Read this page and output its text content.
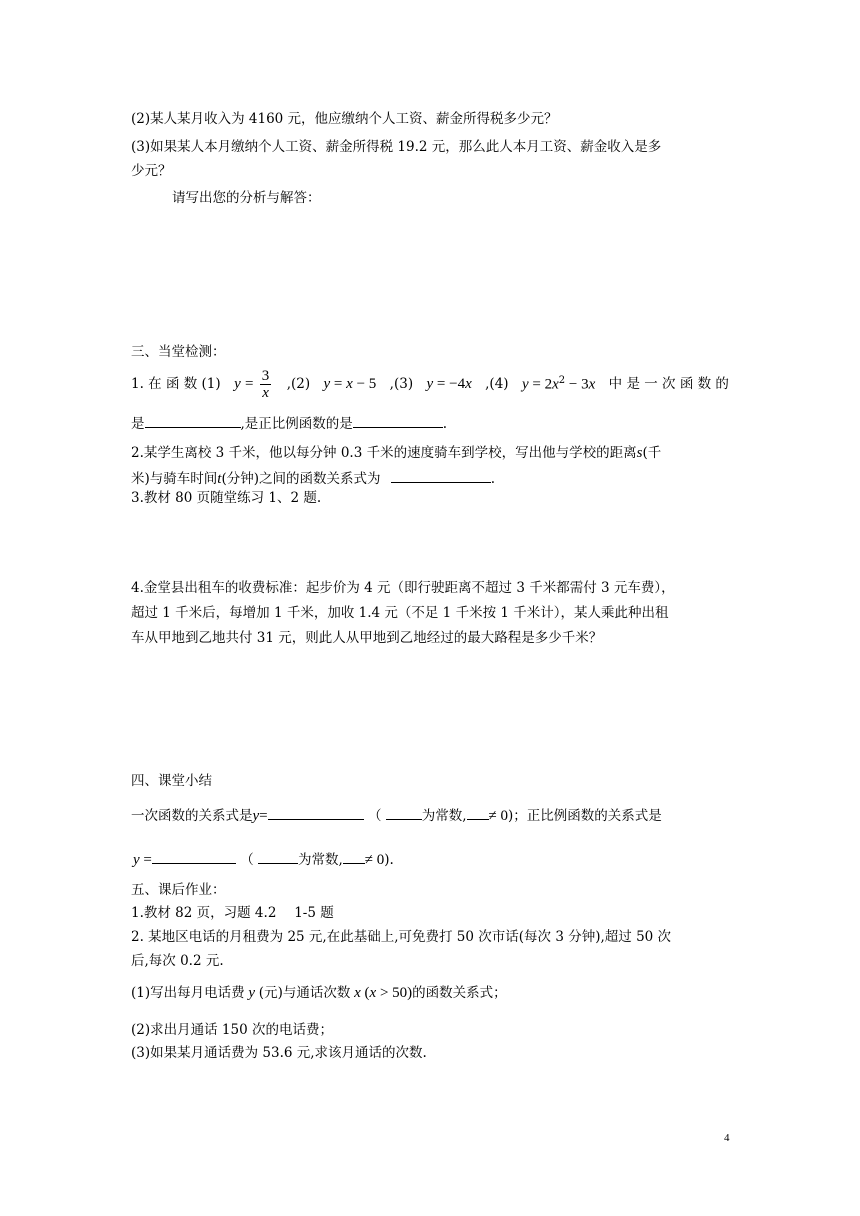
(2)某人某月收入为 4160 元，他应缴纳个人工资、薪金所得税多少元？
(3)如果某人本月缴纳个人工资、薪金所得税 19.2 元，那么此人本月工资、薪金收入是多
少元？
请写出您的分析与解答：
三、当堂检测：
1. 在 函 数 (1) $y = \frac{3}{x} ,(2) y = x - 5$ ,(3) y = −4x ,(4) $y = 2x^2 - 3x$ 中 是 一 次 函 数 的
是	,是正比例函数的是	.
2.某学生离校 3 千米，他以每分钟 0.3 千米的速度骑车到学校，写出他与学校的距离s(千
米)与骑车时间t(分钟)之间的函数关系式为	.
3.教材 80 页随堂练习 1、2 题.
4.金堂县出租车的收费标准：起步价为 4 元（即行驶距离不超过 3 千米都需付 3 元车费），
超过 1 千米后，每增加 1 千米，加收 1.4 元（不足 1 千米按 1 千米计），某人乘此种出租
车从甲地到乙地共付 31 元，则此人从甲地到乙地经过的最大路程是多少千米？
四、课堂小结
一次函数的关系式是y=	（	为常数, ≠ 0)；正比例函数的关系式是
y =	（	为常数, ≠ 0).
五、课后作业：
1.教材 82 页，习题 4.2　 1-5 题
2. 某地区电话的月租费为 25 元,在此基础上,可免费打 50 次市话(每次 3 分钟),超过 50 次
后,每次 0.2 元.
(1)写出每月电话费 y (元)与通话次数 x (x > 50)的函数关系式；
(2)求出月通话 150 次的电话费；
(3)如果某月通话费为 53.6 元,求该月通话的次数.
4
